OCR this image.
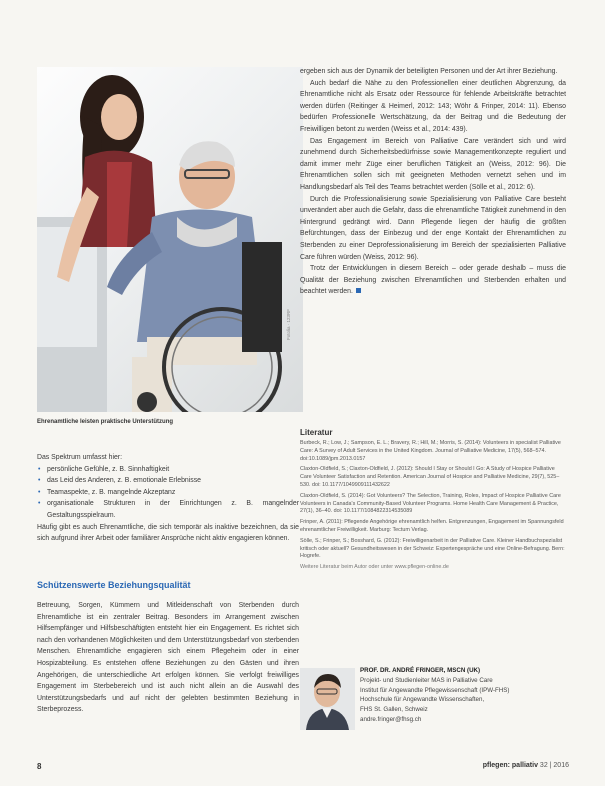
Fotolia · 123RF
Ehrenamtliche leisten praktische Unterstützung

ergeben sich aus der Dynamik der beteiligten Personen und der Art ihrer Beziehung.

Auch bedarf die Nähe zu den Professionellen einer deutlichen Abgrenzung, da Ehrenamtliche nicht als Ersatz oder Ressource für fehlende Arbeitskräfte betrachtet werden dürfen (Reitinger & Heimerl, 2012: 143; Wöhr & Frinper, 2014: 11). Ebenso bedürfen Professionelle Wertschätzung, da der Beitrag und die Bedeutung der Freiwilligen betont zu werden (Weiss et al., 2014: 439).

Das Engagement im Bereich von Palliative Care verändert sich und wird zunehmend durch Sicherheitsbedürfnisse sowie Managementkonzepte reguliert und damit immer mehr Züge einer beruflichen Tätigkeit an (Weiss, 2012: 96). Die Ehrenamtlichen sollen sich mit geeigneten Methoden vernetzt sehen und im Handlungsbedarf als Teil des Teams betrachtet werden (Sölle et al., 2012: 6).

Durch die Professionalisierung sowie Spezialisierung von Palliative Care besteht unverändert aber auch die Gefahr, dass die ehrenamtliche Tätigkeit zunehmend in den Hintergrund gedrängt wird. Dann Pflegende liegen der häufig die größten Befürchtungen, dass der Einbezug und der enge Kontakt der Ehrenamtlichen zu Sterbenden zu einer Deprofessionalisierung im Bereich der spezialisierten Palliative Care führen würden (Weiss, 2012: 96).

Trotz der Entwicklungen in diesem Bereich – oder gerade deshalb – muss die Qualität der Beziehung zwischen Ehrenamtlichen und Sterbenden erhalten und beachtet werden.

Literatur
Burbeck, R.; Low, J.; Sampson, E. L.; Bravery, R.; Hill, M.; Morris, S. (2014): Volunteers in specialist Palliative Care: A Survey of Adult Services in the United Kingdom. Journal of Palliative Medicine, 17(5), 568–574. doi:10.1089/jpm.2013.0157
Claxton-Oldfield, S.; Claxton-Oldfield, J. (2012): Should I Stay or Should I Go: A Study of Hospice Palliative Care Volunteer Satisfaction and Retention. American Journal of Hospice and Palliative Medicine, 29(7), 525–530. doi: 10.1177/1049909111432622
Claxton-Oldfield, S. (2014): Got Volunteers? The Selection, Training, Roles, Impact of Hospice Palliative Care Volunteers in Canada's Community-Based Volunteer Programs. Home Health Care Management & Practice, 27(1), 36–40. doi: 10.1177/1084822314535089
Frinper, A. (2011): Pflegende Angehörige ehrenamtlich helfen. Entgrenzungen, Engagement im Spannungsfeld ehrenamtlicher Freiwilligkeit. Marburg: Tectum Verlag.
Sölle, S.; Frinper, S.; Bosshard, G. (2012): Freiwilligenarbeit in der Palliative Care. Kleiner Handbuchspezialist kritisch oder aktuell? Gesundheitswesen in der Schweiz: Expertengespräche und eine Online-Befragung. Bern: Hogrefe.
Weitere Literatur beim Autor oder unter www.pflegen-online.de

Das Spektrum umfasst hier:

• persönliche Gefühle, z. B. Sinnhaftigkeit
• das Leid des Anderen, z. B. emotionale Erlebnisse
• Teamaspekte, z. B. mangelnde Akzeptanz
• organisationale Strukturen in der Einrichtungen z. B. mangelnder Gestaltungsspielraum.

Häufig gibt es auch Ehrenamtliche, die sich temporär als inaktive bezeichnen, da sie sich aufgrund ihrer Arbeit oder familiärer Ansprüche nicht aktiv engagieren können.

Schützenswerte Beziehungsqualität

Betreuung, Sorgen, Kümmern und Mitleidenschaft von Sterbenden durch Ehrenamtliche ist ein zentraler Beitrag. Besonders im Arrangement zwischen Hilfsempfänger und Hilfsbeschäftigten entsteht hier ein Engagement. Es richtet sich nach den vorhandenen Möglichkeiten und dem Unterstützungsbedarf von sterbenden Menschen. Ehrenamtliche engagieren sich einem Pflegeheim oder in einer Hospizabteilung. Es entstehen offene Beziehungen zu den Gästen und ihren Angehörigen, die unterschiedliche Art erfolgen können. Sie verfolgt freiwilliges Engagement im Sterbebereich und ist auch nicht allein an die Auswahl des Unterstützungsbedarfs und auf nicht der gelebten bestimmten Beziehung in Sterbeprozess.

PROF. DR. ANDRÉ FRINGER, MSCN (UK)
Projekt- und Studienleiter MAS in Palliative Care
Institut für Angewandte Pflegewissenschaft (IPW-FHS)
Hochschule für Angewandte Wissenschaften,
FHS St. Gallen, Schweiz
andre.fringer@fhsg.ch
8	pflegen: palliativ 32 | 2016
